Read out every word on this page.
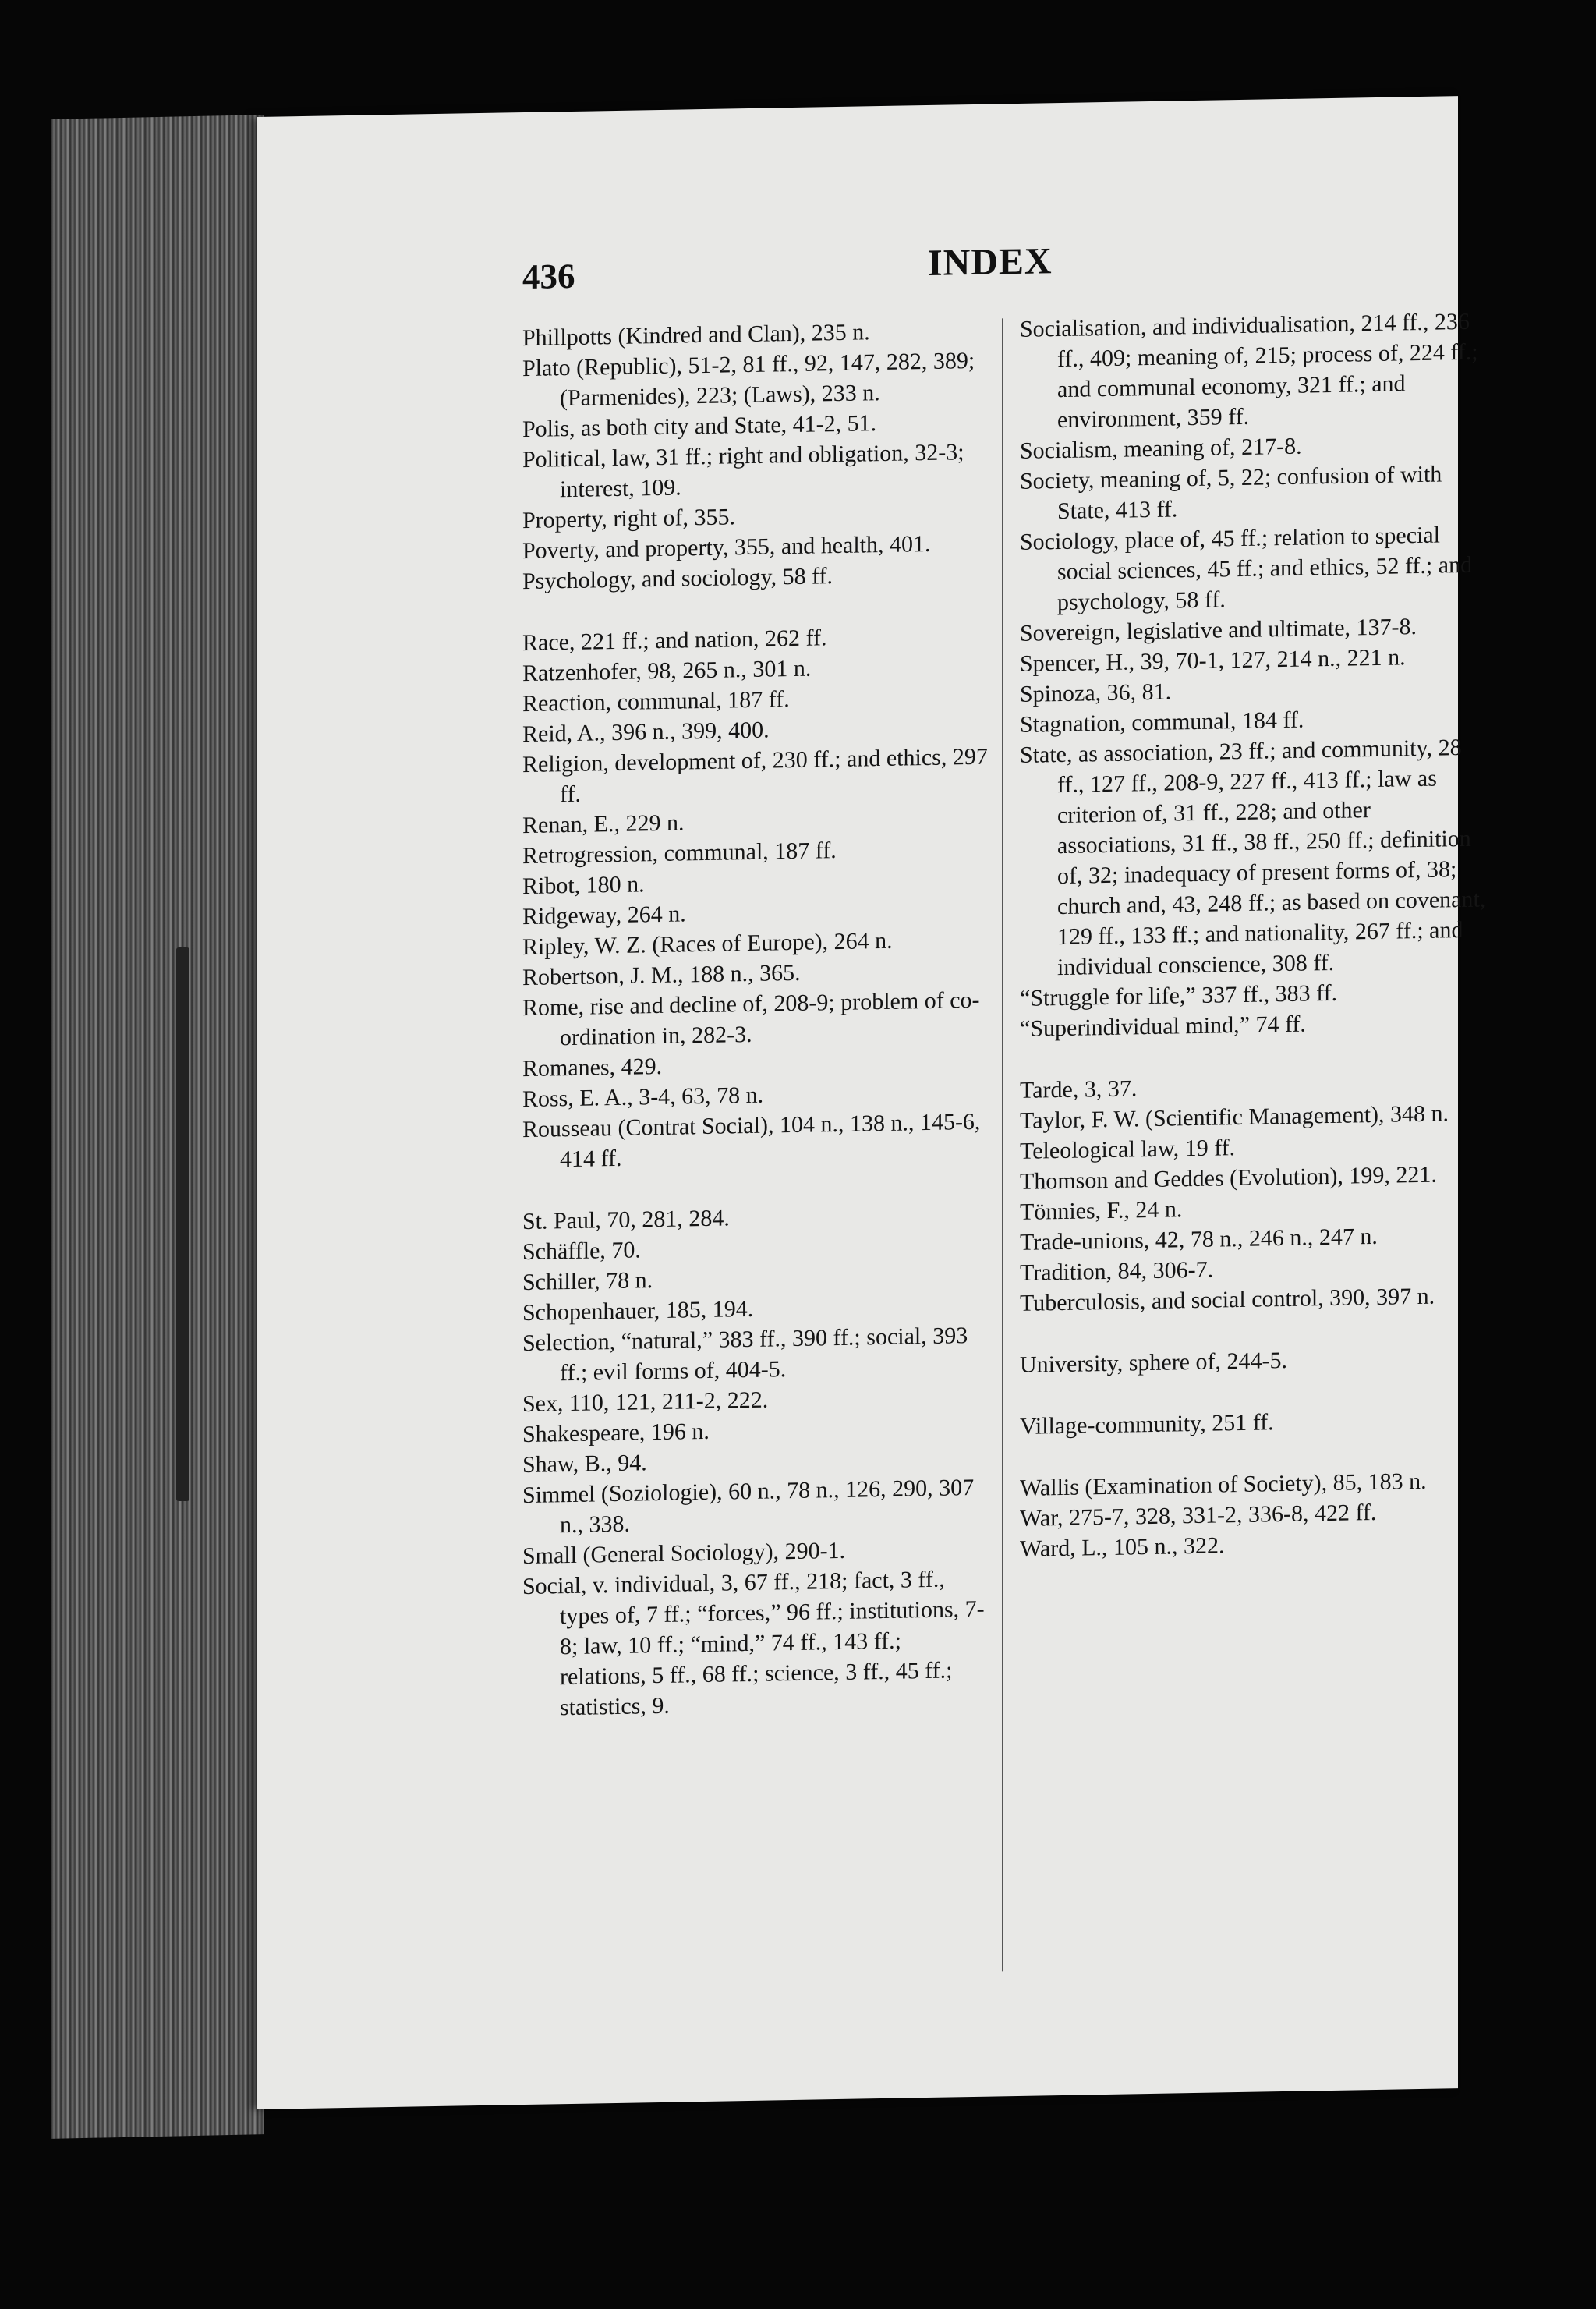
436	INDEX
Phillpotts (Kindred and Clan), 235 n.
Plato (Republic), 51-2, 81 ff., 92, 147, 282, 389; (Parmenides), 223; (Laws), 233 n.
Polis, as both city and State, 41-2, 51.
Political, law, 31 ff.; right and obligation, 32-3; interest, 109.
Property, right of, 355.
Poverty, and property, 355, and health, 401.
Psychology, and sociology, 58 ff.
Race, 221 ff.; and nation, 262 ff.
Ratzenhofer, 98, 265 n., 301 n.
Reaction, communal, 187 ff.
Reid, A., 396 n., 399, 400.
Religion, development of, 230 ff.; and ethics, 297 ff.
Renan, E., 229 n.
Retrogression, communal, 187 ff.
Ribot, 180 n.
Ridgeway, 264 n.
Ripley, W. Z. (Races of Europe), 264 n.
Robertson, J. M., 188 n., 365.
Rome, rise and decline of, 208-9; problem of co-ordination in, 282-3.
Romanes, 429.
Ross, E. A., 3-4, 63, 78 n.
Rousseau (Contrat Social), 104 n., 138 n., 145-6, 414 ff.
St. Paul, 70, 281, 284.
Schäffle, 70.
Schiller, 78 n.
Schopenhauer, 185, 194.
Selection, “natural,” 383 ff., 390 ff.; social, 393 ff.; evil forms of, 404-5.
Sex, 110, 121, 211-2, 222.
Shakespeare, 196 n.
Shaw, B., 94.
Simmel (Soziologie), 60 n., 78 n., 126, 290, 307 n., 338.
Small (General Sociology), 290-1.
Social, v. individual, 3, 67 ff., 218; fact, 3 ff., types of, 7 ff.; “forces,” 96 ff.; institutions, 7-8; law, 10 ff.; “mind,” 74 ff., 143 ff.; relations, 5 ff., 68 ff.; science, 3 ff., 45 ff.; statistics, 9.
Socialisation, and individualisation, 214 ff., 236 ff., 409; meaning of, 215; process of, 224 ff.; and communal economy, 321 ff.; and environment, 359 ff.
Socialism, meaning of, 217-8.
Society, meaning of, 5, 22; confusion of with State, 413 ff.
Sociology, place of, 45 ff.; relation to special social sciences, 45 ff.; and ethics, 52 ff.; and psychology, 58 ff.
Sovereign, legislative and ultimate, 137-8.
Spencer, H., 39, 70-1, 127, 214 n., 221 n.
Spinoza, 36, 81.
Stagnation, communal, 184 ff.
State, as association, 23 ff.; and community, 28 ff., 127 ff., 208-9, 227 ff., 413 ff.; law as criterion of, 31 ff., 228; and other associations, 31 ff., 38 ff., 250 ff.; definition of, 32; inadequacy of present forms of, 38; church and, 43, 248 ff.; as based on covenant, 129 ff., 133 ff.; and nationality, 267 ff.; and individual conscience, 308 ff.
“Struggle for life,” 337 ff., 383 ff.
“Superindividual mind,” 74 ff.
Tarde, 3, 37.
Taylor, F. W. (Scientific Management), 348 n.
Teleological law, 19 ff.
Thomson and Geddes (Evolution), 199, 221.
Tönnies, F., 24 n.
Trade-unions, 42, 78 n., 246 n., 247 n.
Tradition, 84, 306-7.
Tuberculosis, and social control, 390, 397 n.
University, sphere of, 244-5.
Village-community, 251 ff.
Wallis (Examination of Society), 85, 183 n.
War, 275-7, 328, 331-2, 336-8, 422 ff.
Ward, L., 105 n., 322.
